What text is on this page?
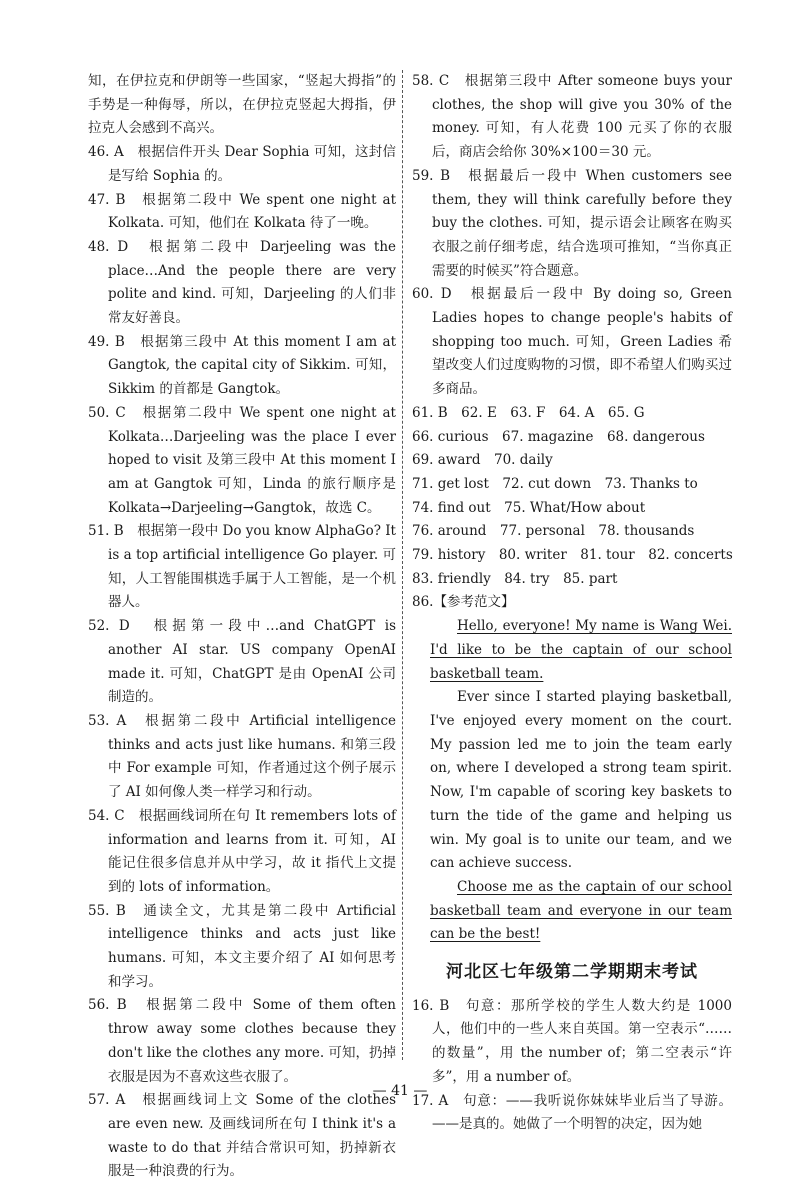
知，在伊拉克和伊朗等一些国家，“竖起大拇指”的手势是一种侮辱，所以，在伊拉克竖起大拇指，伊拉克人会感到不高兴。
46. A　根据信件开头 Dear Sophia 可知，这封信是写给 Sophia 的。
47. B　根据第二段中 We spent one night at Kolkata. 可知，他们在 Kolkata 待了一晚。
48. D　根据第二段中 Darjeeling was the place…And the people there are very polite and kind. 可知，Darjeeling 的人们非常友好善良。
49. B　根据第三段中 At this moment I am at Gangtok, the capital city of Sikkim. 可知，Sikkim 的首都是 Gangtok。
50. C　根据第二段中 We spent one night at Kolkata…Darjeeling was the place I ever hoped to visit 及第三段中 At this moment I am at Gangtok 可知，Linda 的旅行顺序是 Kolkata→Darjeeling→Gangtok，故选 C。
51. B　根据第一段中 Do you know AlphaGo? It is a top artificial intelligence Go player. 可知，人工智能围棋选手属于人工智能，是一个机器人。
52. D　根据第一段中…and ChatGPT is another AI star. US company OpenAI made it. 可知，ChatGPT 是由 OpenAI 公司制造的。
53. A　根据第二段中 Artificial intelligence thinks and acts just like humans. 和第三段中 For example 可知，作者通过这个例子展示了 AI 如何像人类一样学习和行动。
54. C　根据画线词所在句 It remembers lots of information and learns from it. 可知，AI 能记住很多信息并从中学习，故 it 指代上文提到的 lots of information。
55. B　通读全文，尤其是第二段中 Artificial intelligence thinks and acts just like humans. 可知，本文主要介绍了 AI 如何思考和学习。
56. B　根据第二段中 Some of them often throw away some clothes because they don't like the clothes any more. 可知，扔掉衣服是因为不喜欢这些衣服了。
57. A　根据画线词上文 Some of the clothes are even new. 及画线词所在句 I think it's a waste to do that 并结合常识可知，扔掉新衣服是一种浪费的行为。
58. C　根据第三段中 After someone buys your clothes, the shop will give you 30% of the money. 可知，有人花费 100 元买了你的衣服后，商店会给你 30%×100＝30 元。
59. B　根据最后一段中 When customers see them, they will think carefully before they buy the clothes. 可知，提示语会让顾客在购买衣服之前仔细考虑，结合选项可推知，“当你真正需要的时候买”符合题意。
60. D　根据最后一段中 By doing so, Green Ladies hopes to change people's habits of shopping too much. 可知，Green Ladies 希望改变人们过度购物的习惯，即不希望人们购买过多商品。
61. B　62. E　63. F　64. A　65. G
66. curious　67. magazine　68. dangerous
69. award　70. daily
71. get lost　72. cut down　73. Thanks to
74. find out　75. What/How about
76. around　77. personal　78. thousands
79. history　80. writer　81. tour　82. concerts
83. friendly　84. try　85. part
86.【参考范文】

Hello, everyone! My name is Wang Wei. I'd like to be the captain of our school basketball team.

Ever since I started playing basketball, I've enjoyed every moment on the court. My passion led me to join the team early on, where I developed a strong team spirit. Now, I'm capable of scoring key baskets to turn the tide of the game and helping us win. My goal is to unite our team, and we can achieve success.

Choose me as the captain of our school basketball team and everyone in our team can be the best!

河北区七年级第二学期期末考试
16. B　句意：那所学校的学生人数大约是 1000 人，他们中的一些人来自英国。第一空表示“……的数量”，用 the number of；第二空表示“许多”，用 a number of。
17. A　句意：——我听说你妹妹毕业后当了导游。——是真的。她做了一个明智的决定，因为她
— 41 —
